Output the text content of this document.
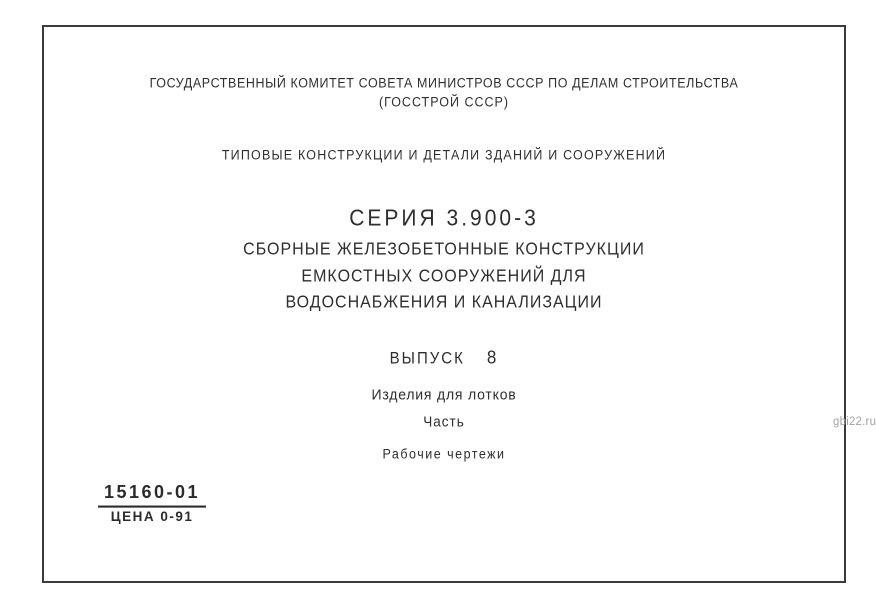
ГОСУДАРСТВЕННЫЙ КОМИТЕТ СОВЕТА МИНИСТРОВ СССР ПО ДЕЛАМ СТРОИТЕЛЬСТВА
(ГОССТРОЙ СССР)
ТИПОВЫЕ КОНСТРУКЦИИ И ДЕТАЛИ ЗДАНИЙ И СООРУЖЕНИЙ
СЕРИЯ 3.900-3
СБОРНЫЕ ЖЕЛЕЗОБЕТОННЫЕ КОНСТРУКЦИИ
ЕМКОСТНЫХ СООРУЖЕНИЙ ДЛЯ
ВОДОСНАБЖЕНИЯ И КАНАЛИЗАЦИИ
ВЫПУСК 8
Изделия для лотков
Часть
Рабочие чертежи
15160-01
ЦЕНА 0-91
gbi22.ru
